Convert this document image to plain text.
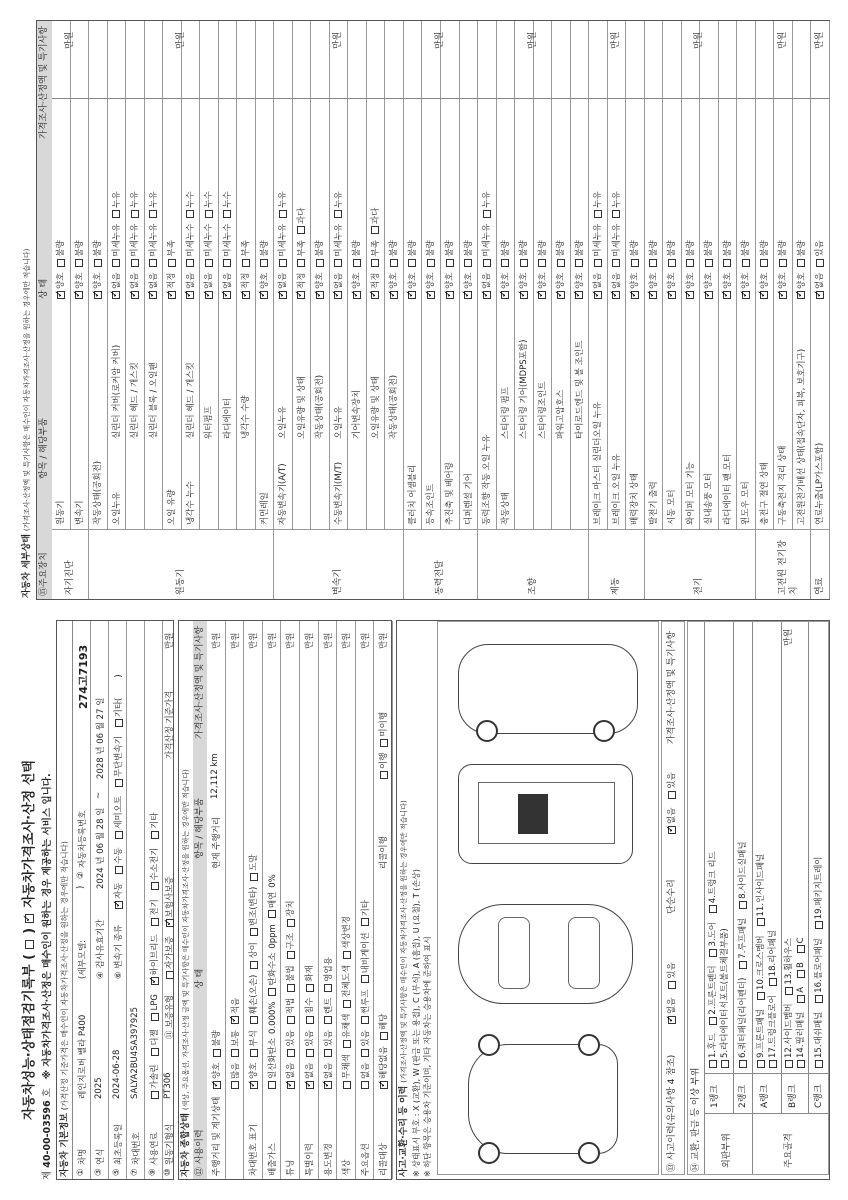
자동차성능·상태점검기록부 (  ) ✓ 자동차가격조사·산정 선택
제 40-00-03596 호 ※ 자동차가격조사·산정은 매수인이 원하는 경우 제공하는 서비스 입니다.
자동차 기본정보 (가격산정 기준가격은 매수인이 자동차가격조사·산정을 원하는 경우에만 적습니다)
①
차명
레인지로버 벨라 P400
(세부모델:
)
②
자동차등록번호
274고7193
③
연식
2025
④ 검사유효기간
2024 년 06 월 28 일
~
2028 년 06 월 27 일
⑤
최초등록일
2024-06-28
⑥ 변속기 종류
✓자동 수동 세미오토 무단변속기 기타()
⑦
차대번호
SALYA2BU4SA397925
⑨
사용연료
가솔린 디젤 LPG ✓하이브리드 전기 수소전기 기타
⑩
원동기형식
PT306
⑪ 보증유형
자가보증 ✓보험사보증
가격산정 기준가격
만원
자동차 종합상태 (색상, 주요옵션, 가격조사·산정 금액 및 특기사항은 매수인이 자동차가격조사·산정을 원하는 경우에만 적습니다)
⑫ 사용이력
상 태
항목 / 해당부품
가격조사·산정액 및 특기사항
주행거리 및 계기상태
✓양호불량
현재 주행거리
12,112 km
만원
많음보통✓적음
만원
차대번호 표기
✓양호부식훼손(오손)상이변조(변타)도말
만원
배출가스
일산화탄소0.000%탄화수소0ppm매연0%
만원
튜닝
✓없음있음적법불법구조장치
만원
특별이력
✓없음있음침수화재
만원
용도변경
✓없음있음렌트영업용
만원
색상
무채색유채색전체도색색상변경
만원
주요옵션
없음있음썬루프내비게이션기타
만원
리콜대상
✓해당없음해당
리콜이행
이행미이행
만원
사고·교환·수리 등 이력 (가격조사·산정액 및 특기사항은 매수인이 자동차가격조사·산정을 원하는 경우에만 적습니다) ※ 상태표시 부호 : X (교환), W (판금 또는 용접), C (부식), A (흠집), U (요철), T (손상) ※ 하단 항목은 승용차 기준이며, 기타 자동차는 승용차에 준하여 표시	⑬ 사고이력(유의사항 4 참조)
✓없음 있음
단순수리
✓없음 있음
가격조사·산정액 및 특기사항
⑭ 교환, 판금 등 이상 부위 외판부위
1랭크
1.후드 2.프론트펜더 3.도어 4.트렁크 리드
5.라디에이터서포트(볼트체결부품)
2랭크
6.쿼터패널(리어펜더) 7.루프패널 8.사이드실패널
주요골격
A랭크
9.프론트패널 10.크로스멤버 11.인사이드패널
17.트렁크플로어 18.리어패널
B랭크
12.사이드멤버 13.휠하우스
14.필러패널 A B C
C랭크
15.대쉬패널 16.플로어패널 19.패키지트레이
만원
자동차 세부상태 (가격조사·산정액 및 특기사항은 매수인이 자동차가격조사·산정을 원하는 경우에만 적습니다)
⑮주요장치
항목 / 해당부품
상 태
가격조사·산정액 및 특기사항
원동기
✓양호불량
변속기
✓양호불량
자기진단
만원
작동상태(공회전)
✓양호불량
오일누유
실린더 커버(로커암 커버)
✓없음미세누유누유
실린더 헤드 / 개스킷
✓없음미세누유누유
실린더 블록 / 오일팬
✓없음미세누유누유
오일 유량
✓적정부족
냉각수 누수
실린더 헤드 / 개스킷
✓없음미세누수누수
워터펌프
✓없음미세누수누수
라디에이터
✓없음미세누수누수
냉각수 수량
✓적정부족
커먼레일
✓양호불량
원동기
만원
자동변속기(A/T)
오일누유
✓없음미세누유누유
오일유량 및 상태
✓적정부족과다
작동상태(공회전)
✓양호불량
수동변속기(M/T)
오일누유
✓없음미세누유누유
기어변속장치
✓양호불량
오일유량 및 상태
✓적정부족과다
작동상태(공회전)
✓양호불량
변속기
만원
클러치 어셈블리
✓양호불량
등속조인트
✓양호불량
추진축 및 베어링
✓양호불량
디퍼렌셜 기어
✓양호불량
동력전달
만원
동력조향 작동 오일 누유
✓없음미세누유누유
작동상태
스티어링 펌프
✓양호불량
스티어링 기어(MDPS포함)
✓양호불량
스티어링조인트
✓양호불량
파워고압호스
✓양호불량
타이로드엔드 및 볼 조인트
✓양호불량
조향
만원
브레이크 마스터 실린더오일 누유
✓없음미세누유누유
브레이크 오일 누유
✓없음미세누유누유
배력장치 상태
✓양호불량
제동
만원
발전기 출력
✓양호불량
시동 모터
✓양호불량
와이퍼 모터 기능
✓양호불량
실내송풍 모터
✓양호불량
라디에이터 팬 모터
✓양호불량
윈도우 모터
✓양호불량
전기
만원
충전구 절연 상태
✓양호불량
구동축전지 격리 상태
✓양호불량
고전원전기배선 상태(접속단자, 피복, 보호기구)
✓양호불량
고전원 전기장치
만원
연료누출(LP가스포함)
✓없음있음
연료
만원
